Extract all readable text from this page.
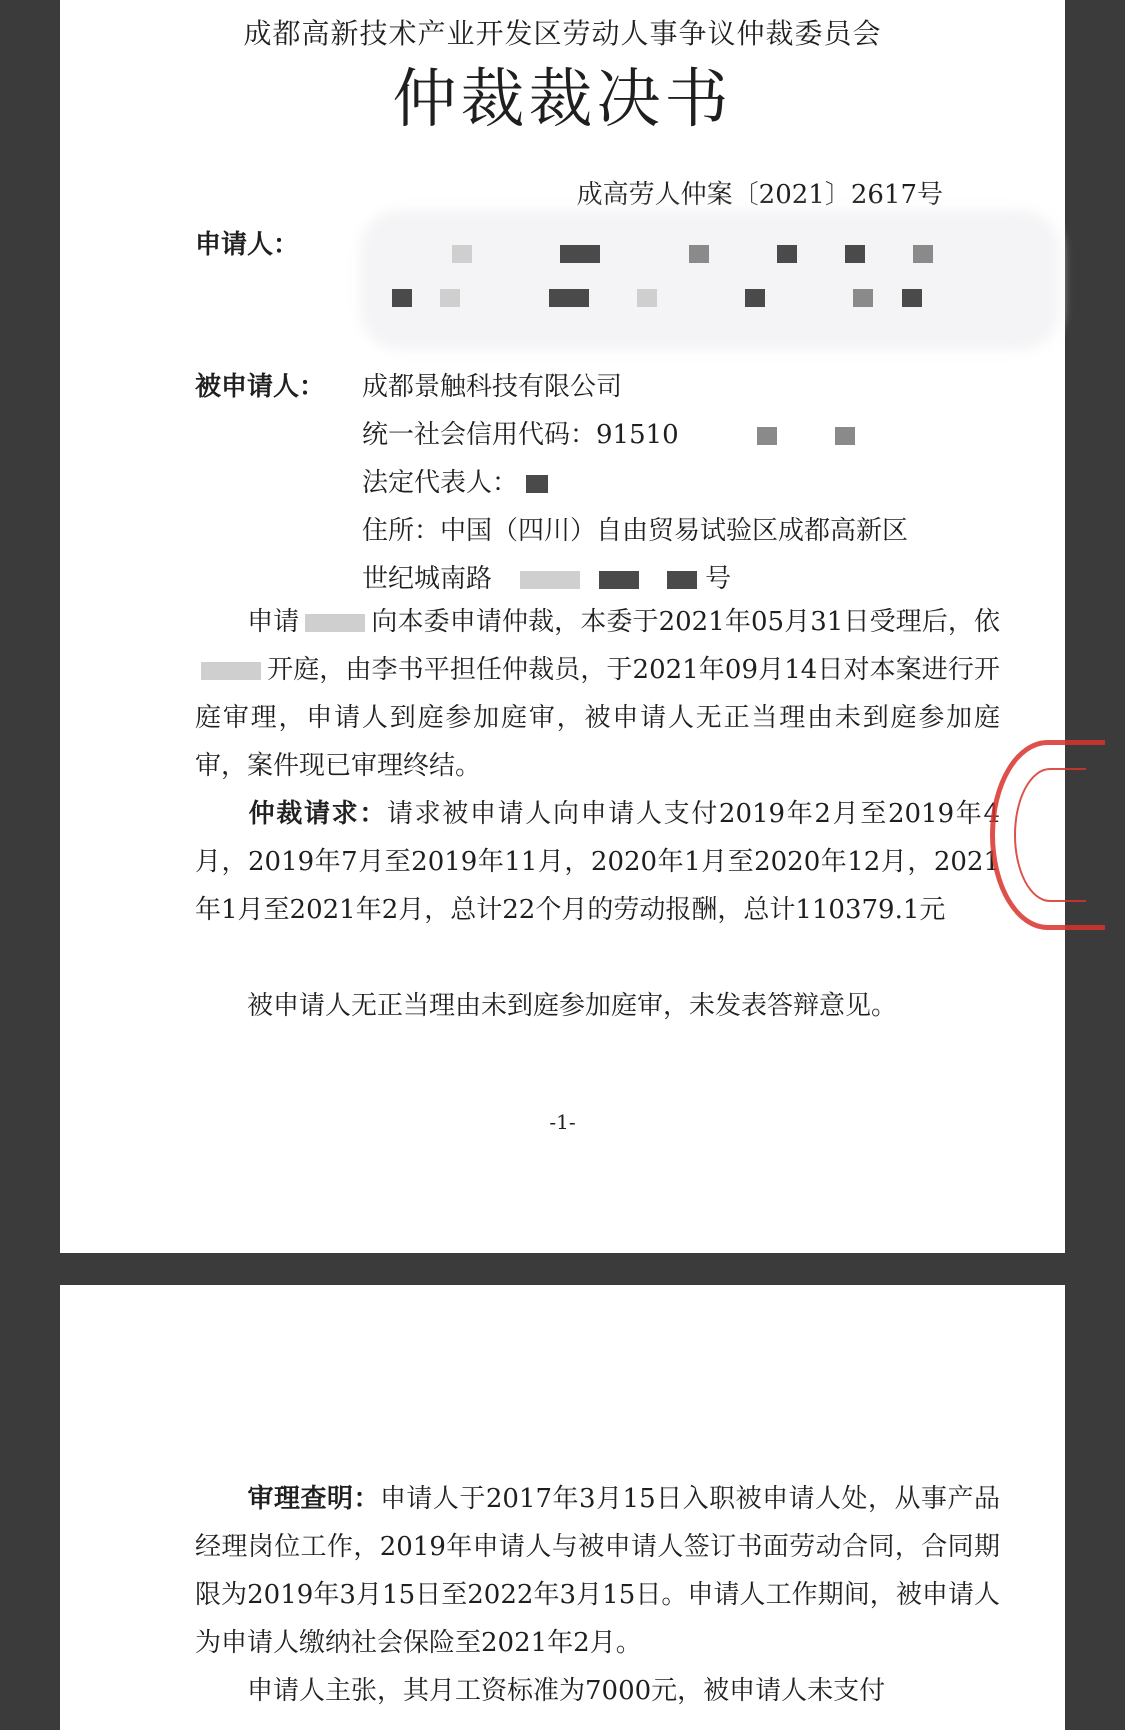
成都高新技术产业开发区劳动人事争议仲裁委员会
仲裁裁决书
成高劳人仲案〔2021〕2617号
申请人：

被申请人： 成都景触科技有限公司
统一社会信用代码：91510
法定代表人：
住所：中国（四川）自由贸易试验区成都高新区
世纪城南路	号
申请	向本委申请仲裁，本委于2021年05月31日受理后，依开庭，由李书平担任仲裁员，于2021年09月14日对本案进行开庭审理，申请人到庭参加庭审，被申请人无正当理由未到庭参加庭审，案件现已审理终结。
仲裁请求：请求被申请人向申请人支付2019年2月至2019年4月，2019年7月至2019年11月，2020年1月至2020年12月，2021年1月至2021年2月，总计22个月的劳动报酬，总计110379.1元
被申请人无正当理由未到庭参加庭审，未发表答辩意见。
-1-
审理查明：申请人于2017年3月15日入职被申请人处，从事产品经理岗位工作，2019年申请人与被申请人签订书面劳动合同，合同期限为2019年3月15日至2022年3月15日。申请人工作期间，被申请人为申请人缴纳社会保险至2021年2月。
申请人主张，其月工资标准为7000元，被申请人未支付
